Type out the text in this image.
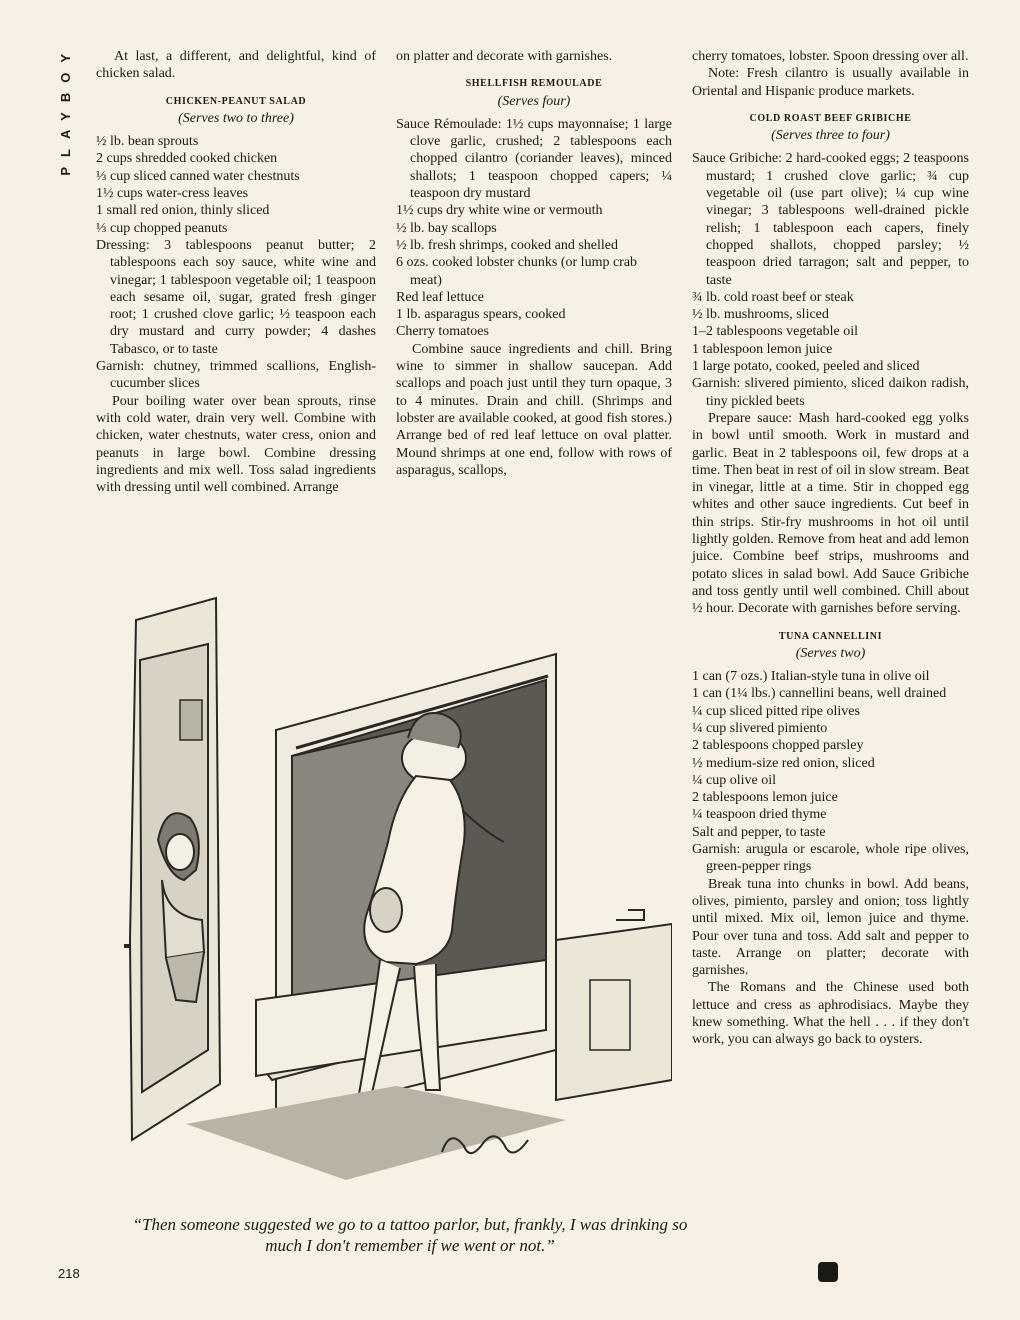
PLAYBOY	At last, a different, and delightful, kind of chicken salad.

CHICKEN-PEANUT SALAD

(Serves two to three)

½ lb. bean sprouts

2 cups shredded cooked chicken

⅓ cup sliced canned water chestnuts

1½ cups water-cress leaves

1 small red onion, thinly sliced

⅓ cup chopped peanuts

Dressing: 3 tablespoons peanut butter; 2 tablespoons each soy sauce, white wine and vinegar; 1 tablespoon vegetable oil; 1 teaspoon each sesame oil, sugar, grated fresh ginger root; 1 crushed clove garlic; ½ teaspoon each dry mustard and curry powder; 4 dashes Tabasco, or to taste

Garnish: chutney, trimmed scallions, English-cucumber slices

Pour boiling water over bean sprouts, rinse with cold water, drain very well. Combine with chicken, water chestnuts, water cress, onion and peanuts in large bowl. Combine dressing ingredients and mix well. Toss salad ingredients with dressing until well combined. Arrange

on platter and decorate with garnishes.

SHELLFISH REMOULADE

(Serves four)

Sauce Rémoulade: 1½ cups mayonnaise; 1 large clove garlic, crushed; 2 tablespoons each chopped cilantro (coriander leaves), minced shallots; 1 teaspoon chopped capers; ¼ teaspoon dry mustard

1½ cups dry white wine or vermouth

½ lb. bay scallops

½ lb. fresh shrimps, cooked and shelled

6 ozs. cooked lobster chunks (or lump crab meat)

Red leaf lettuce

1 lb. asparagus spears, cooked

Cherry tomatoes

Combine sauce ingredients and chill. Bring wine to simmer in shallow saucepan. Add scallops and poach just until they turn opaque, 3 to 4 minutes. Drain and chill. (Shrimps and lobster are available cooked, at good fish stores.) Arrange bed of red leaf lettuce on oval platter. Mound shrimps at one end, follow with rows of asparagus, scallops,

cherry tomatoes, lobster. Spoon dressing over all.

Note: Fresh cilantro is usually available in Oriental and Hispanic produce markets.

COLD ROAST BEEF GRIBICHE

(Serves three to four)

Sauce Gribiche: 2 hard-cooked eggs; 2 teaspoons mustard; 1 crushed clove garlic; ¾ cup vegetable oil (use part olive); ¼ cup wine vinegar; 3 tablespoons well-drained pickle relish; 1 tablespoon each capers, finely chopped shallots, chopped parsley; ½ teaspoon dried tarragon; salt and pepper, to taste

¾ lb. cold roast beef or steak

½ lb. mushrooms, sliced

1–2 tablespoons vegetable oil

1 tablespoon lemon juice

1 large potato, cooked, peeled and sliced

Garnish: slivered pimiento, sliced daikon radish, tiny pickled beets

Prepare sauce: Mash hard-cooked egg yolks in bowl until smooth. Work in mustard and garlic. Beat in 2 tablespoons oil, few drops at a time. Then beat in rest of oil in slow stream. Beat in vinegar, little at a time. Stir in chopped egg whites and other sauce ingredients. Cut beef in thin strips. Stir-fry mushrooms in hot oil until lightly golden. Remove from heat and add lemon juice. Combine beef strips, mushrooms and potato slices in salad bowl. Add Sauce Gribiche and toss gently until well combined. Chill about ½ hour. Decorate with garnishes before serving.

TUNA CANNELLINI

(Serves two)

1 can (7 ozs.) Italian-style tuna in olive oil

1 can (1¼ lbs.) cannellini beans, well drained

¼ cup sliced pitted ripe olives

¼ cup slivered pimiento

2 tablespoons chopped parsley

½ medium-size red onion, sliced

¼ cup olive oil

2 tablespoons lemon juice

¼ teaspoon dried thyme

Salt and pepper, to taste

Garnish: arugula or escarole, whole ripe olives, green-pepper rings

Break tuna into chunks in bowl. Add beans, olives, pimiento, parsley and onion; toss lightly until mixed. Mix oil, lemon juice and thyme. Pour over tuna and toss. Add salt and pepper to taste. Arrange on platter; decorate with garnishes.

The Romans and the Chinese used both lettuce and cress as aphrodisiacs. Maybe they knew something. What the hell . . . if they don't work, you can always go back to oysters.

“Then someone suggested we go to a tattoo parlor, but, frankly, I was drinking so much I don't remember if we went or not.”
218
